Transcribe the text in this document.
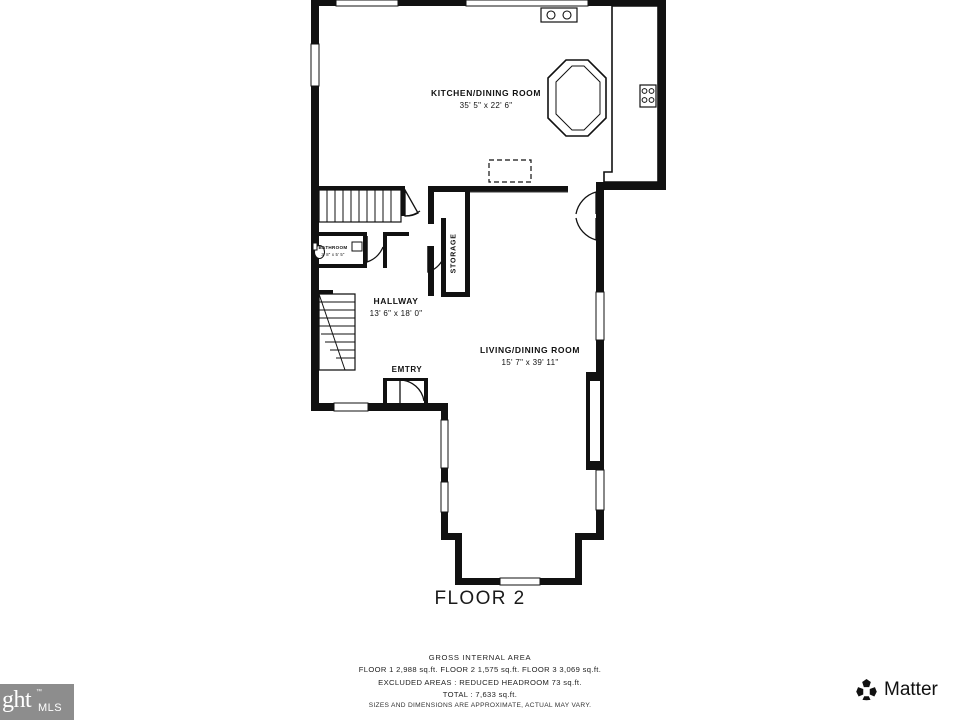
KITCHEN/DINING ROOM
35' 5" x 22' 6"
LIVING/DINING ROOM
15' 7" x 39' 11"
HALLWAY
13' 6" x 18' 0"
BATHROOM
3' 8" x 5' 5"
EMTRY
STORAGE
FLOOR 2
GROSS INTERNAL AREA
FLOOR 1 2,988 sq.ft. FLOOR 2 1,575 sq.ft. FLOOR 3 3,069 sq.ft.
EXCLUDED AREAS : REDUCED HEADROOM 73 sq.ft.
TOTAL : 7,633 sq.ft.
SIZES AND DIMENSIONS ARE APPROXIMATE, ACTUAL MAY VARY.
ght ™
MLS
Matter
